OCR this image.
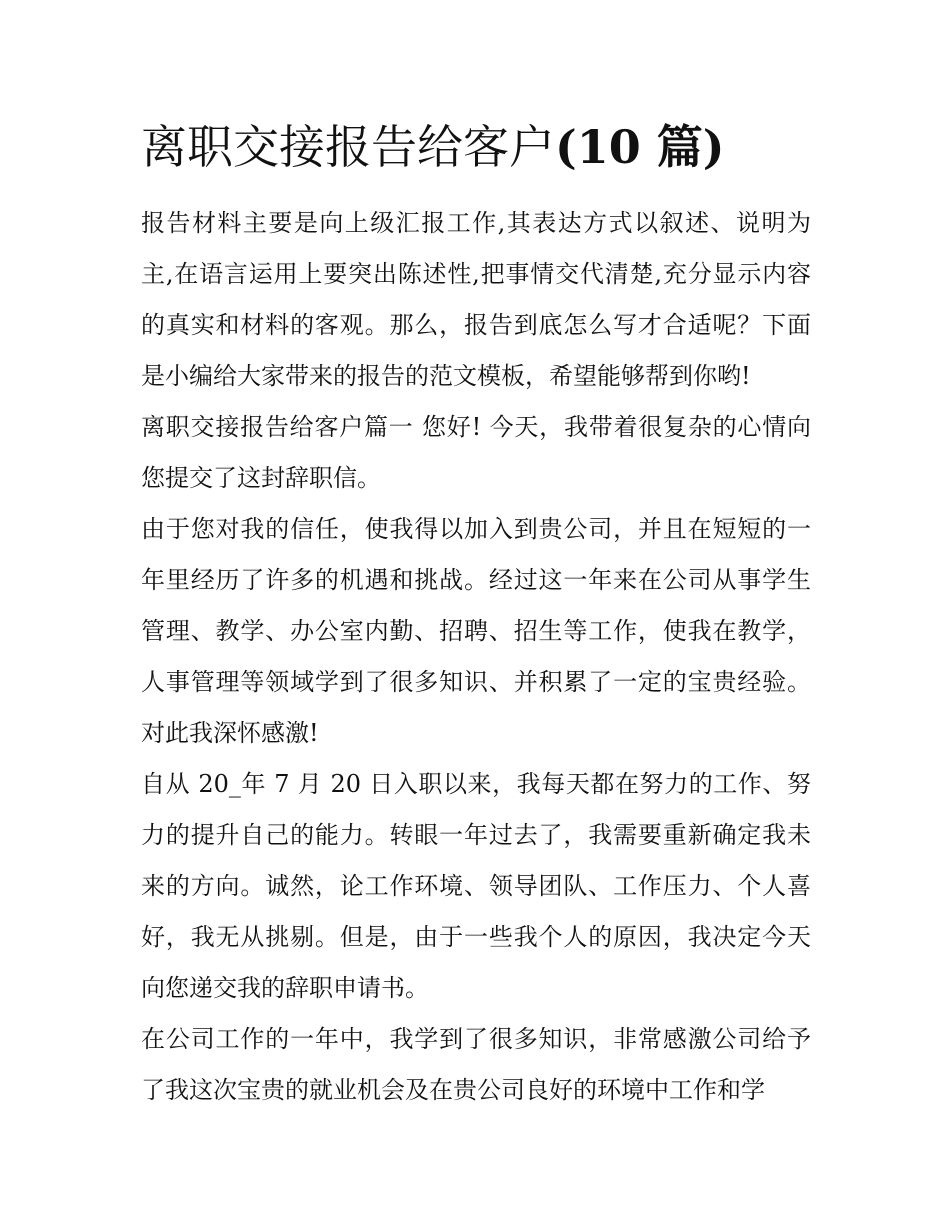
离职交接报告给客户(10 篇)
报告材料主要是向上级汇报工作,其表达方式以叙述、说明为
主,在语言运用上要突出陈述性,把事情交代清楚,充分显示内容
的真实和材料的客观。那么，报告到底怎么写才合适呢？下面
是小编给大家带来的报告的范文模板，希望能够帮到你哟!
离职交接报告给客户篇一 您好! 今天，我带着很复杂的心情向
您提交了这封辞职信。
由于您对我的信任，使我得以加入到贵公司，并且在短短的一
年里经历了许多的机遇和挑战。经过这一年来在公司从事学生
管理、教学、办公室内勤、招聘、招生等工作，使我在教学，
人事管理等领域学到了很多知识、并积累了一定的宝贵经验。
对此我深怀感激!
自从 20_年 7 月 20 日入职以来，我每天都在努力的工作、努
力的提升自己的能力。转眼一年过去了，我需要重新确定我未
来的方向。诚然，论工作环境、领导团队、工作压力、个人喜
好，我无从挑剔。但是，由于一些我个人的原因，我决定今天
向您递交我的辞职申请书。
在公司工作的一年中，我学到了很多知识，非常感激公司给予
了我这次宝贵的就业机会及在贵公司良好的环境中工作和学
